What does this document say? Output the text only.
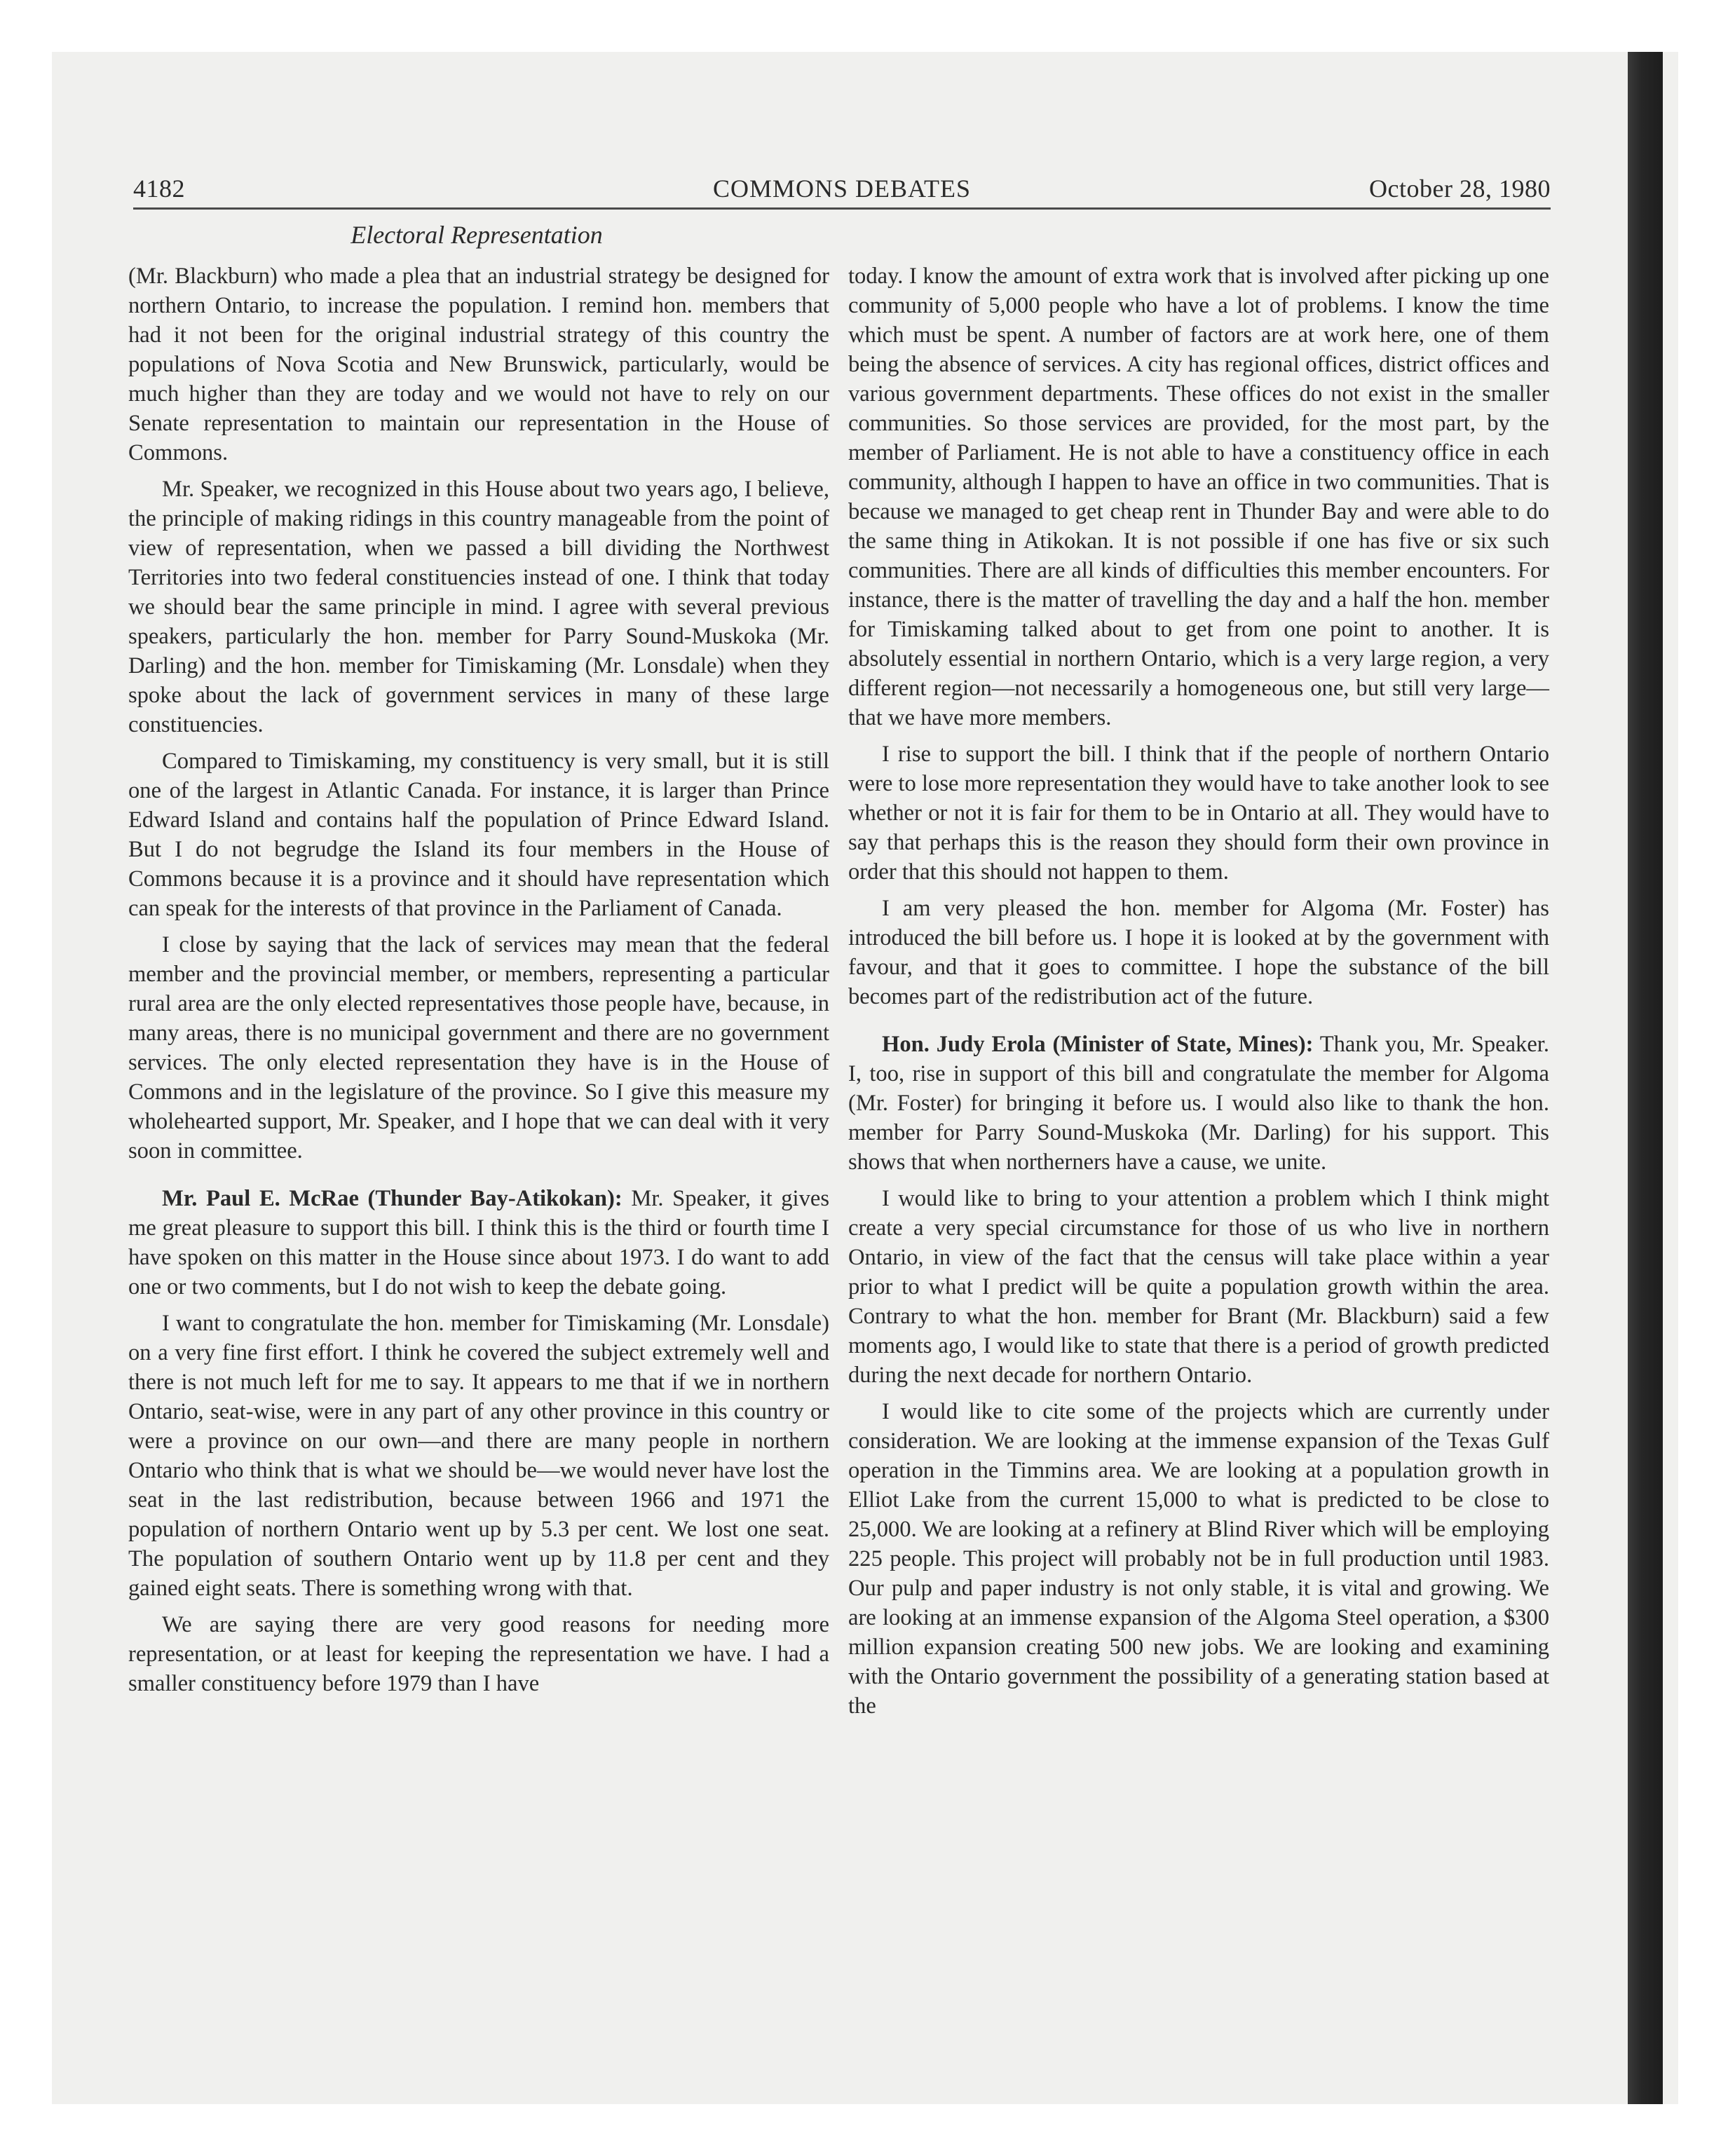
4182	COMMONS DEBATES	October 28, 1980
Electoral Representation

(Mr. Blackburn) who made a plea that an industrial strategy be designed for northern Ontario, to increase the population. I remind hon. members that had it not been for the original industrial strategy of this country the populations of Nova Scotia and New Brunswick, particularly, would be much higher than they are today and we would not have to rely on our Senate representation to maintain our representation in the House of Commons.

Mr. Speaker, we recognized in this House about two years ago, I believe, the principle of making ridings in this country manageable from the point of view of representation, when we passed a bill dividing the Northwest Territories into two federal constituencies instead of one. I think that today we should bear the same principle in mind. I agree with several previous speakers, particularly the hon. member for Parry Sound-Muskoka (Mr. Darling) and the hon. member for Timiskaming (Mr. Lonsdale) when they spoke about the lack of government services in many of these large constituencies.

Compared to Timiskaming, my constituency is very small, but it is still one of the largest in Atlantic Canada. For instance, it is larger than Prince Edward Island and contains half the population of Prince Edward Island. But I do not begrudge the Island its four members in the House of Commons because it is a province and it should have representation which can speak for the interests of that province in the Parliament of Canada.

I close by saying that the lack of services may mean that the federal member and the provincial member, or members, representing a particular rural area are the only elected representatives those people have, because, in many areas, there is no municipal government and there are no government services. The only elected representation they have is in the House of Commons and in the legislature of the province. So I give this measure my wholehearted support, Mr. Speaker, and I hope that we can deal with it very soon in committee.

Mr. Paul E. McRae (Thunder Bay-Atikokan): Mr. Speaker, it gives me great pleasure to support this bill. I think this is the third or fourth time I have spoken on this matter in the House since about 1973. I do want to add one or two comments, but I do not wish to keep the debate going.

I want to congratulate the hon. member for Timiskaming (Mr. Lonsdale) on a very fine first effort. I think he covered the subject extremely well and there is not much left for me to say. It appears to me that if we in northern Ontario, seat-wise, were in any part of any other province in this country or were a province on our own—and there are many people in northern Ontario who think that is what we should be—we would never have lost the seat in the last redistribution, because between 1966 and 1971 the population of northern Ontario went up by 5.3 per cent. We lost one seat. The population of southern Ontario went up by 11.8 per cent and they gained eight seats. There is something wrong with that.

We are saying there are very good reasons for needing more representation, or at least for keeping the representation we have. I had a smaller constituency before 1979 than I have

today. I know the amount of extra work that is involved after picking up one community of 5,000 people who have a lot of problems. I know the time which must be spent. A number of factors are at work here, one of them being the absence of services. A city has regional offices, district offices and various government departments. These offices do not exist in the smaller communities. So those services are provided, for the most part, by the member of Parliament. He is not able to have a constituency office in each community, although I happen to have an office in two communities. That is because we managed to get cheap rent in Thunder Bay and were able to do the same thing in Atikokan. It is not possible if one has five or six such communities. There are all kinds of difficulties this member encounters. For instance, there is the matter of travelling the day and a half the hon. member for Timiskaming talked about to get from one point to another. It is absolutely essential in northern Ontario, which is a very large region, a very different region—not necessarily a homogeneous one, but still very large—that we have more members.

I rise to support the bill. I think that if the people of northern Ontario were to lose more representation they would have to take another look to see whether or not it is fair for them to be in Ontario at all. They would have to say that perhaps this is the reason they should form their own province in order that this should not happen to them.

I am very pleased the hon. member for Algoma (Mr. Foster) has introduced the bill before us. I hope it is looked at by the government with favour, and that it goes to committee. I hope the substance of the bill becomes part of the redistribution act of the future.

Hon. Judy Erola (Minister of State, Mines): Thank you, Mr. Speaker. I, too, rise in support of this bill and congratulate the member for Algoma (Mr. Foster) for bringing it before us. I would also like to thank the hon. member for Parry Sound-Muskoka (Mr. Darling) for his support. This shows that when northerners have a cause, we unite.

I would like to bring to your attention a problem which I think might create a very special circumstance for those of us who live in northern Ontario, in view of the fact that the census will take place within a year prior to what I predict will be quite a population growth within the area. Contrary to what the hon. member for Brant (Mr. Blackburn) said a few moments ago, I would like to state that there is a period of growth predicted during the next decade for northern Ontario.

I would like to cite some of the projects which are currently under consideration. We are looking at the immense expansion of the Texas Gulf operation in the Timmins area. We are looking at a population growth in Elliot Lake from the current 15,000 to what is predicted to be close to 25,000. We are looking at a refinery at Blind River which will be employing 225 people. This project will probably not be in full production until 1983. Our pulp and paper industry is not only stable, it is vital and growing. We are looking at an immense expansion of the Algoma Steel operation, a $300 million expansion creating 500 new jobs. We are looking and examining with the Ontario government the possibility of a generating station based at the
